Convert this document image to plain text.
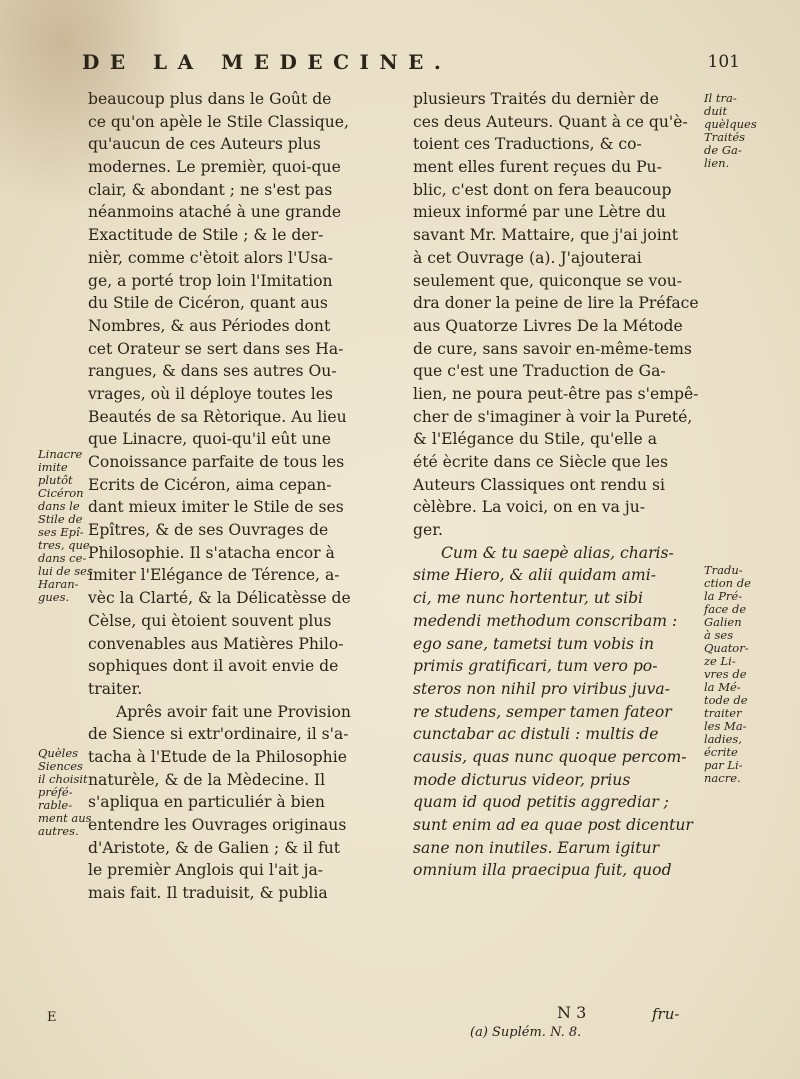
DE LA MEDECINE.	101
beaucoup plus dans le Goût de
ce qu'on apèle le Stile Classique,
qu'aucun de ces Auteurs plus
modernes. Le premièr, quoi-que
clair, & abondant ; ne s'est pas
néanmoins ataché à une grande
Exactitude de Stile ; & le der-
nièr, comme c'ètoit alors l'Usa-
ge, a porté trop loin l'Imitation
du Stile de Cicéron, quant aus
Nombres, & aus Périodes dont
cet Orateur se sert dans ses Ha-
rangues, & dans ses autres Ou-
vrages, où il déploye toutes les
Beautés de sa Rètorique. Au lieu
que Linacre, quoi-qu'il eût une
Conoissance parfaite de tous les
Ecrits de Cicéron, aima cepan-
dant mieux imiter le Stile de ses
Epîtres, & de ses Ouvrages de
Philosophie. Il s'atacha encor à
imiter l'Elégance de Térence, a-
vèc la Clarté, & la Délicatèsse de
Cèlse, qui ètoient souvent plus
convenables aus Matières Philo-
sophiques dont il avoit envie de
traiter.
Aprês avoir fait une Provision
de Sience si extr'ordinaire, il s'a-
tacha à l'Etude de la Philosophie
naturèle, & de la Mèdecine. Il
s'apliqua en particuliér à bien
entendre les Ouvrages originaus
d'Aristote, & de Galien ; & il fut
le premièr Anglois qui l'ait ja-
mais fait. Il traduisit, & publia
plusieurs Traités du dernièr de
ces deus Auteurs. Quant à ce qu'è-
toient ces Traductions, & co-
ment elles furent reçues du Pu-
blic, c'est dont on fera beaucoup
mieux informé par une Lètre du
savant Mr. Mattaire, que j'ai joint
à cet Ouvrage (a). J'ajouterai
seulement que, quiconque se vou-
dra doner la peine de lire la Préface
aus Quatorze Livres De la Métode
de cure, sans savoir en-même-tems
que c'est une Traduction de Ga-
lien, ne poura peut-être pas s'empê-
cher de s'imaginer à voir la Pureté,
& l'Elégance du Stile, qu'elle a
été ècrite dans ce Siècle que les
Auteurs Classiques ont rendu si
cèlèbre. La voici, on en va ju-
ger.
Cum & tu saepè alias, charis-
sime Hiero, & alii quidam ami-
ci, me nunc hortentur, ut sibi
medendi methodum conscribam :
ego sane, tametsi tum vobis in
primis gratificari, tum vero po-
steros non nihil pro viribus juva-
re studens, semper tamen fateor
cunctabar ac distuli : multis de
causis, quas nunc quoque percom-
mode dicturus videor, prius
quam id quod petitis aggrediar ;
sunt enim ad ea quae post dicentur
sane non inutiles. Earum igitur
omnium illa praecipua fuit, quod
Linacre
imite
plutôt
Cicéron
dans le
Stile de
ses Epî-
tres, que
dans ce-
lui de ses
Haran-
gues.
Quèles
Siences
il choisit
préfé-
rable-
ment aus
autres.
Il tra-
duit
quèlques
Traités
de Ga-
lien.
Tradu-
ction de
la Pré-
face de
Galien
à ses
Quator-
ze Li-
vres de
la Mé-
tode de
traiter
les Ma-
ladies,
écrite
par Li-
nacre.
E	N 3	fru-
(a) Suplém. N. 8.
